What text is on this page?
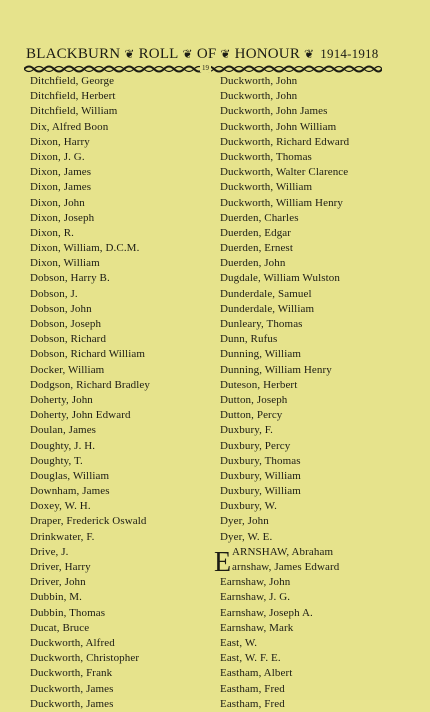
BLACKBURN ❦ ROLL ❦ OF ❦ HONOUR ❦ 1914-1918
19
Ditchfield, George
Ditchfield, Herbert
Ditchfield, William
Dix, Alfred Boon
Dixon, Harry
Dixon, J. G.
Dixon, James
Dixon, James
Dixon, John
Dixon, Joseph
Dixon, R.
Dixon, William, D.C.M.
Dixon, William
Dobson, Harry B.
Dobson, J.
Dobson, John
Dobson, Joseph
Dobson, Richard
Dobson, Richard William
Docker, William
Dodgson, Richard Bradley
Doherty, John
Doherty, John Edward
Doulan, James
Doughty, J. H.
Doughty, T.
Douglas, William
Downham, James
Doxey, W. H.
Draper, Frederick Oswald
Drinkwater, F.
Drive, J.
Driver, Harry
Driver, John
Dubbin, M.
Dubbin, Thomas
Ducat, Bruce
Duckworth, Alfred
Duckworth, Christopher
Duckworth, Frank
Duckworth, James
Duckworth, James
Duckworth, John
Duckworth, John
Duckworth, John James
Duckworth, John William
Duckworth, Richard Edward
Duckworth, Thomas
Duckworth, Walter Clarence
Duckworth, William
Duckworth, William Henry
Duerden, Charles
Duerden, Edgar
Duerden, Ernest
Duerden, John
Dugdale, William Wulston
Dunderdale, Samuel
Dunderdale, William
Dunleary, Thomas
Dunn, Rufus
Dunning, William
Dunning, William Henry
Duteson, Herbert
Dutton, Joseph
Dutton, Percy
Duxbury, F.
Duxbury, Percy
Duxbury, Thomas
Duxbury, William
Duxbury, William
Duxbury, W.
Dyer, John
Dyer, W. E.
E ARNSHAW, Abraham
arnshaw, James Edward
Earnshaw, John
Earnshaw, J. G.
Earnshaw, Joseph A.
Earnshaw, Mark
East, W.
East, W. F. E.
Eastham, Albert
Eastham, Fred
Eastham, Fred
